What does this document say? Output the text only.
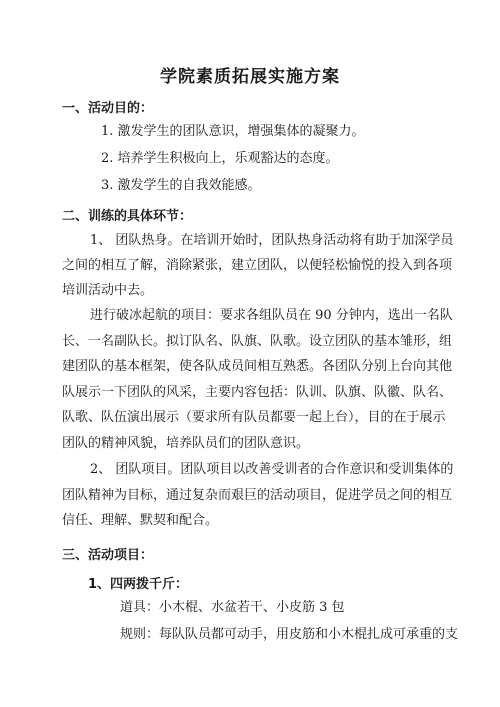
学院素质拓展实施方案
一、活动目的：
1. 激发学生的团队意识，增强集体的凝聚力。
2. 培养学生积极向上，乐观豁达的态度。
3. 激发学生的自我效能感。
二、训练的具体环节：
1、 团队热身。在培训开始时，团队热身活动将有助于加深学员
之间的相互了解，消除紧张，建立团队，以便轻松愉悦的投入到各项
培训活动中去。
进行破冰起航的项目：要求各组队员在 90 分钟内，选出一名队
长、一名副队长。拟订队名、队旗、队歌。设立团队的基本雏形，组
建团队的基本框架，使各队成员间相互熟悉。各团队分别上台向其他
队展示一下团队的风采，主要内容包括：队训、队旗、队徽、队名、
队歌、队伍演出展示（要求所有队员都要一起上台），目的在于展示
团队的精神风貌，培养队员们的团队意识。
2、 团队项目。团队项目以改善受训者的合作意识和受训集体的
团队精神为目标，通过复杂而艰巨的活动项目，促进学员之间的相互
信任、理解、默契和配合。
三、活动项目：
1、四两拨千斤：
道具：小木棍、水盆若干、小皮筋 3 包
规则：每队队员都可动手，用皮筋和小木棍扎成可承重的支
